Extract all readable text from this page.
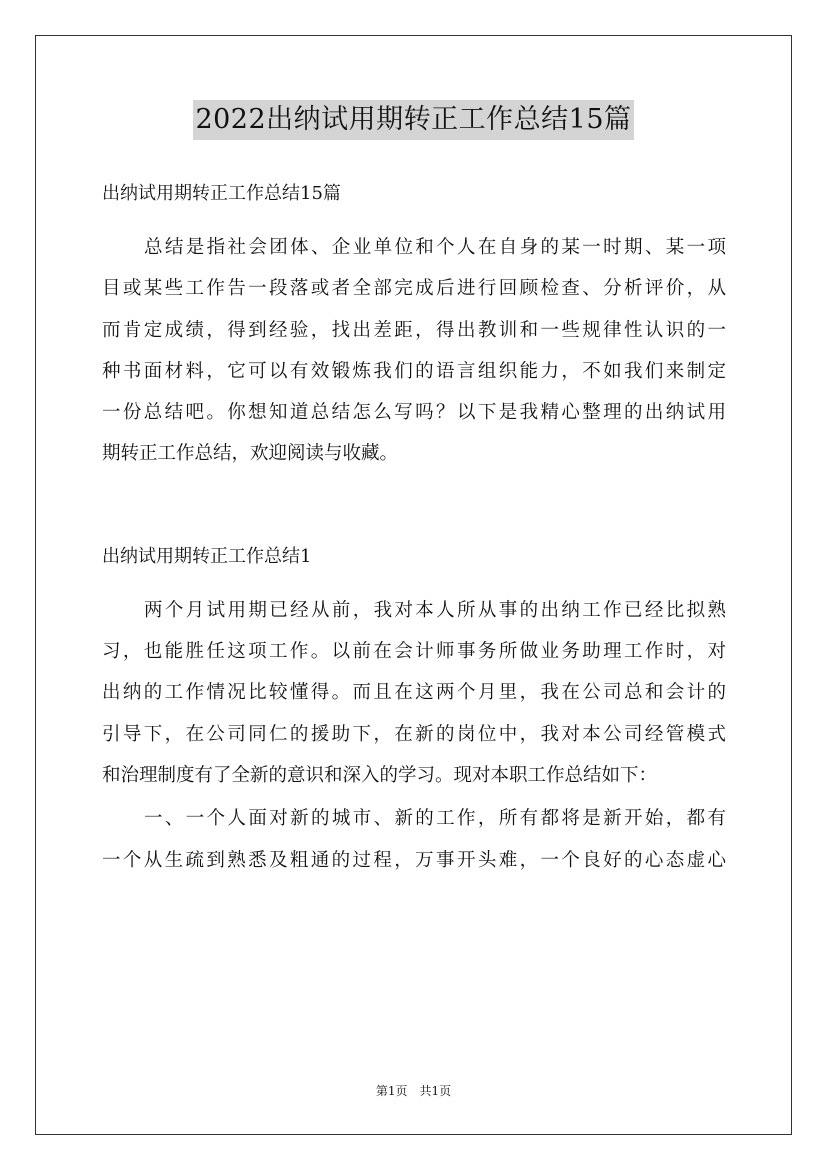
2022出纳试用期转正工作总结15篇
出纳试用期转正工作总结15篇
总结是指社会团体、企业单位和个人在自身的某一时期、某一项
目或某些工作告一段落或者全部完成后进行回顾检查、分析评价，从
而肯定成绩，得到经验，找出差距，得出教训和一些规律性认识的一
种书面材料，它可以有效锻炼我们的语言组织能力，不如我们来制定
一份总结吧。你想知道总结怎么写吗？以下是我精心整理的出纳试用
期转正工作总结，欢迎阅读与收藏。
出纳试用期转正工作总结1
两个月试用期已经从前，我对本人所从事的出纳工作已经比拟熟
习，也能胜任这项工作。以前在会计师事务所做业务助理工作时，对
出纳的工作情况比较懂得。而且在这两个月里，我在公司总和会计的
引导下，在公司同仁的援助下，在新的岗位中，我对本公司经管模式
和治理制度有了全新的意识和深入的学习。现对本职工作总结如下：
一、一个人面对新的城市、新的工作，所有都将是新开始，都有
一个从生疏到熟悉及粗通的过程，万事开头难，一个良好的心态虚心
第1页　共1页
